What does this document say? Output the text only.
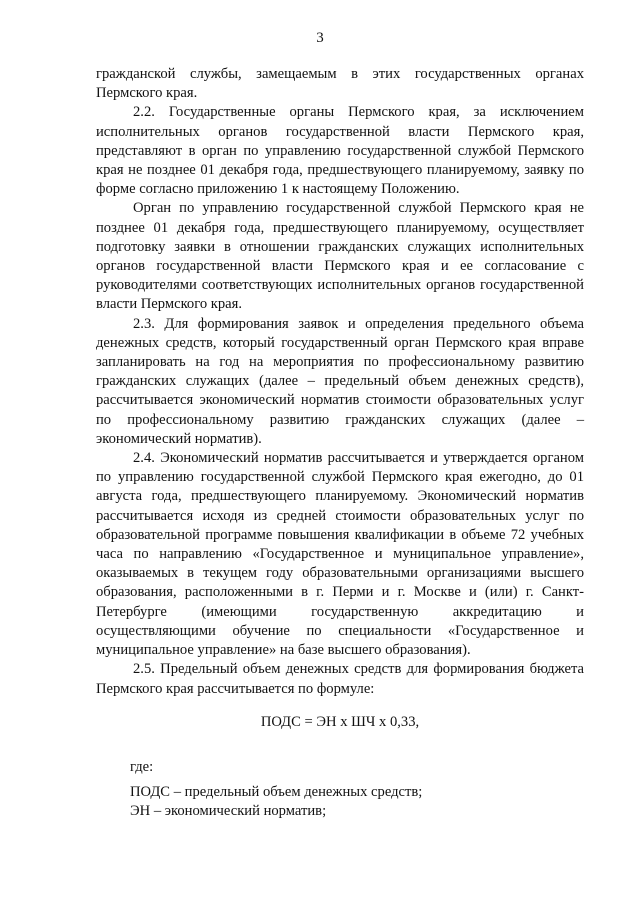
3

гражданской службы, замещаемым в этих государственных органах Пермского края.

2.2. Государственные органы Пермского края, за исключением исполнительных органов государственной власти Пермского края, представляют в орган по управлению государственной службой Пермского края не позднее 01 декабря года, предшествующего планируемому, заявку по форме согласно приложению 1 к настоящему Положению.

Орган по управлению государственной службой Пермского края не позднее 01 декабря года, предшествующего планируемому, осуществляет подготовку заявки в отношении гражданских служащих исполнительных органов государственной власти Пермского края и ее согласование с руководителями соответствующих исполнительных органов государственной власти Пермского края.

2.3. Для формирования заявок и определения предельного объема денежных средств, который государственный орган Пермского края вправе запланировать на год на мероприятия по профессиональному развитию гражданских служащих (далее – предельный объем денежных средств), рассчитывается экономический норматив стоимости образовательных услуг по профессиональному развитию гражданских служащих (далее – экономический норматив).

2.4. Экономический норматив рассчитывается и утверждается органом по управлению государственной службой Пермского края ежегодно, до 01 августа года, предшествующего планируемому. Экономический норматив рассчитывается исходя из средней стоимости образовательных услуг по образовательной программе повышения квалификации в объеме 72 учебных часа по направлению «Государственное и муниципальное управление», оказываемых в текущем году образовательными организациями высшего образования, расположенными в г. Перми и г. Москве и (или) г. Санкт-Петербурге (имеющими государственную аккредитацию и осуществляющими обучение по специальности «Государственное и муниципальное управление» на базе высшего образования).

2.5. Предельный объем денежных средств для формирования бюджета Пермского края рассчитывается по формуле:

ПОДС = ЭН х ШЧ х 0,33,

где:

ПОДС – предельный объем денежных средств;

ЭН – экономический норматив;
